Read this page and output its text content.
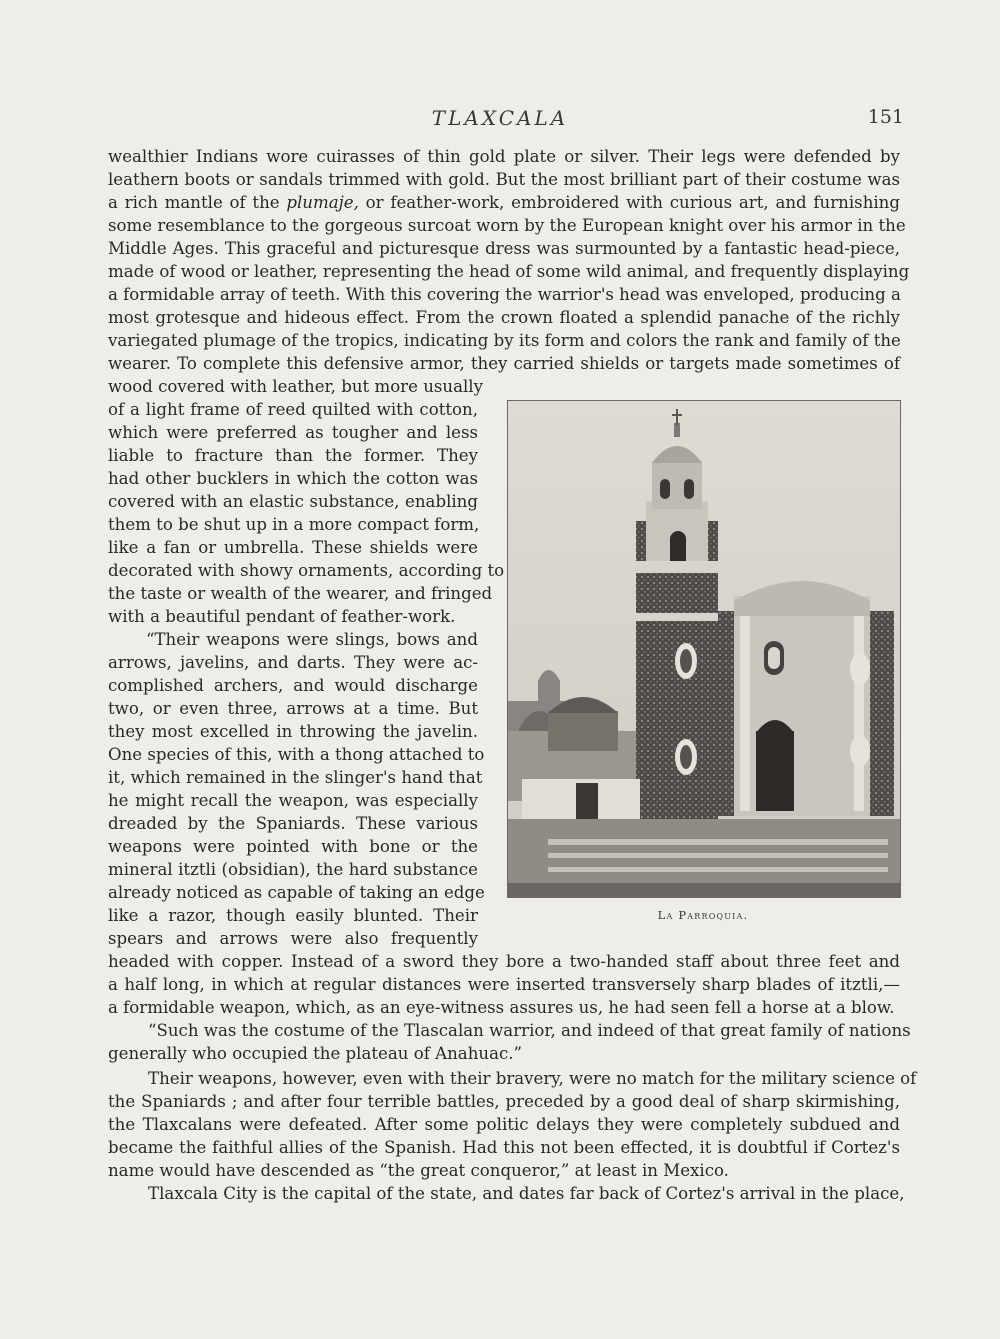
TLAXCALA	151
wealthier Indians wore cuirasses of thin gold plate or silver. Their legs were defended by
leathern boots or sandals trimmed with gold. But the most brilliant part of their costume was
a rich mantle of the plumaje, or feather-work, embroidered with curious art, and furnishing
some resemblance to the gorgeous surcoat worn by the European knight over his armor in the
Middle Ages. This graceful and picturesque dress was surmounted by a fantastic head-piece,
made of wood or leather, representing the head of some wild animal, and frequently displaying
a formidable array of teeth. With this covering the warrior's head was enveloped, producing a
most grotesque and hideous effect. From the crown floated a splendid panache of the richly
variegated plumage of the tropics, indicating by its form and colors the rank and family of the
wearer. To complete this defensive armor, they carried shields or targets made sometimes of
wood covered with leather, but more usually
of a light frame of reed quilted with cotton,
which were preferred as tougher and less
liable to fracture than the former. They
had other bucklers in which the cotton was
covered with an elastic substance, enabling
them to be shut up in a more compact form,
like a fan or umbrella. These shields were
decorated with showy ornaments, according to
the taste or wealth of the wearer, and fringed
with a beautiful pendant of feather-work.
“Their weapons were slings, bows and
arrows, javelins, and darts. They were ac-
complished archers, and would discharge
two, or even three, arrows at a time. But
they most excelled in throwing the javelin.
One species of this, with a thong attached to
it, which remained in the slinger's hand that
he might recall the weapon, was especially
dreaded by the Spaniards. These various
weapons were pointed with bone or the
mineral itztli (obsidian), the hard substance
already noticed as capable of taking an edge
like a razor, though easily blunted. Their
spears and arrows were also frequently
headed with copper. Instead of a sword they bore a two-handed staff about three feet and
a half long, in which at regular distances were inserted transversely sharp blades of itztli,—
a formidable weapon, which, as an eye-witness assures us, he had seen fell a horse at a blow.
“Such was the costume of the Tlascalan warrior, and indeed of that great family of nations
generally who occupied the plateau of Anahuac.”
Their weapons, however, even with their bravery, were no match for the military science of
the Spaniards ; and after four terrible battles, preceded by a good deal of sharp skirmishing,
the Tlaxcalans were defeated. After some politic delays they were completely subdued and
became the faithful allies of the Spanish. Had this not been effected, it is doubtful if Cortez's
name would have descended as “the great conqueror,” at least in Mexico.
Tlaxcala City is the capital of the state, and dates far back of Cortez's arrival in the place,
La Parroquia.
